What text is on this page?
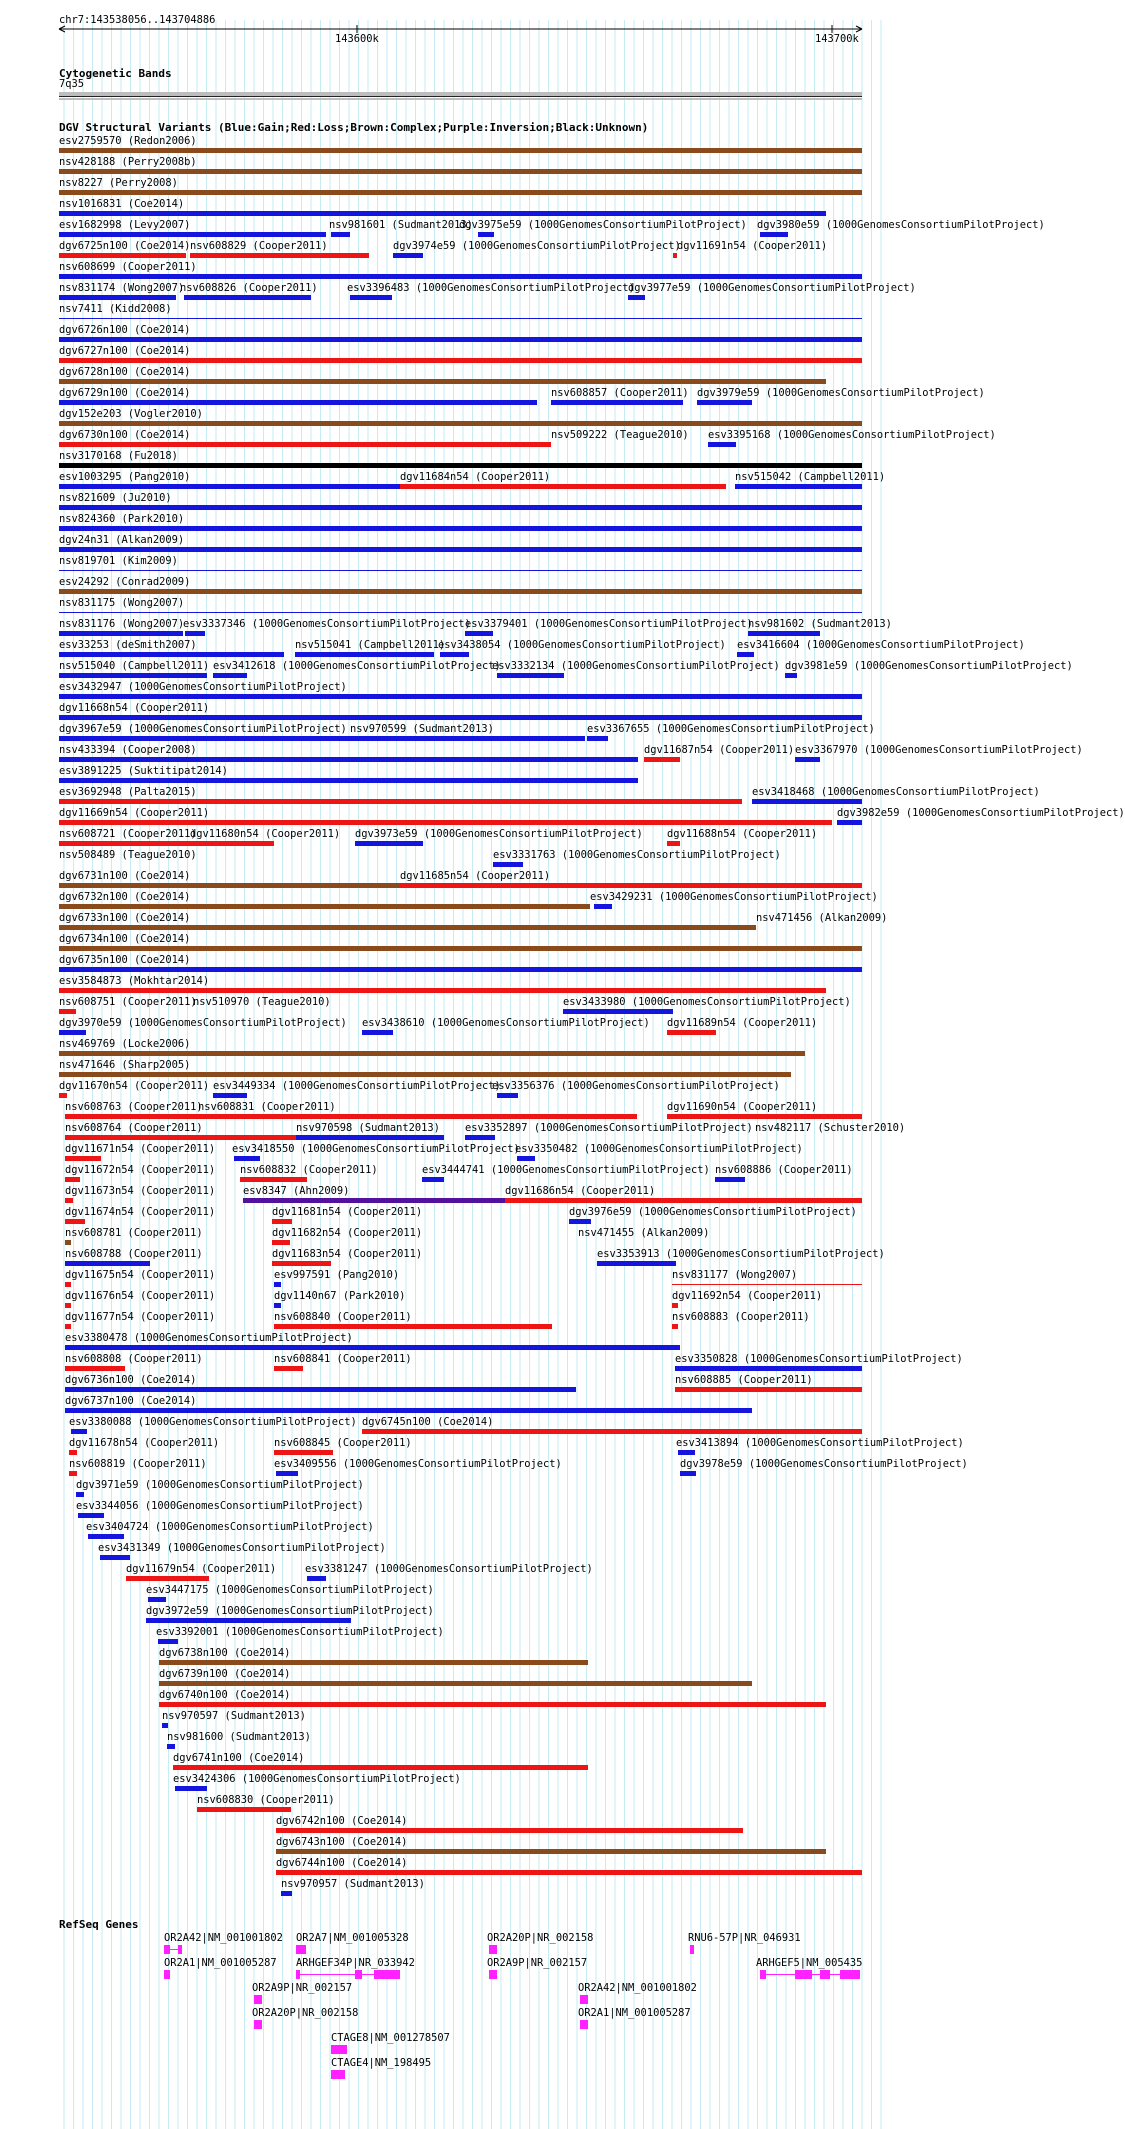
chr7:143538056..143704886
143600k	143700k
Cytogenetic Bands
7q35
DGV Structural Variants (Blue:Gain;Red:Loss;Brown:Complex;Purple:Inversion;Black:Unknown)
RefSeq Genes
esv2759570 (Redon2006)
nsv428188 (Perry2008b)
nsv8227 (Perry2008)
nsv1016831 (Coe2014)
esv1682998 (Levy2007)	nsv981601 (Sudmant2013)
dgv3975e59 (1000GenomesConsortiumPilotProject) dgv3980e59 (1000GenomesConsortiumPilotProject)
dgv6725n100 (Coe2014) nsv608829 (Cooper2011)	dgv3974e59 (1000GenomesConsortiumPilotProject)
dgv11691n54 (Cooper2011)
nsv608699 (Cooper2011)
nsv831174 (Wong2007)
nsv608826 (Cooper2011)	esv3396483 (1000GenomesConsortiumPilotProject)
dgv3977e59 (1000GenomesConsortiumPilotProject)
nsv7411 (Kidd2008)
dgv6726n100 (Coe2014)
dgv6727n100 (Coe2014)
dgv6728n100 (Coe2014)
dgv6729n100 (Coe2014)	nsv608857 (Cooper2011) dgv3979e59 (1000GenomesConsortiumPilotProject)
dgv152e203 (Vogler2010)
dgv6730n100 (Coe2014)	nsv509222 (Teague2010) esv3395168 (1000GenomesConsortiumPilotProject)
nsv3170168 (Fu2018)
esv1003295 (Pang2010)	dgv11684n54 (Cooper2011)	nsv515042 (Campbell2011)
nsv821609 (Ju2010)
nsv824360 (Park2010)
dgv24n31 (Alkan2009)
nsv819701 (Kim2009)
esv24292 (Conrad2009)
nsv831175 (Wong2007)
nsv831176 (Wong2007)
esv3337346 (1000GenomesConsortiumPilotProject)
esv3379401 (1000GenomesConsortiumPilotProject)
nsv981602 (Sudmant2013)
esv33253 (deSmith2007)	nsv515041 (Campbell2011)
esv3438054 (1000GenomesConsortiumPilotProject) esv3416604 (1000GenomesConsortiumPilotProject)
nsv515040 (Campbell2011) esv3412618 (1000GenomesConsortiumPilotProject)
esv3332134 (1000GenomesConsortiumPilotProject) dgv3981e59 (1000GenomesConsortiumPilotProject)
esv3432947 (1000GenomesConsortiumPilotProject)
dgv11668n54 (Cooper2011)
dgv3967e59 (1000GenomesConsortiumPilotProject) nsv970599 (Sudmant2013)	esv3367655 (1000GenomesConsortiumPilotProject)
nsv433394 (Cooper2008)	dgv11687n54 (Cooper2011) esv3367970 (1000GenomesConsortiumPilotProject)
esv3891225 (Suktitipat2014)
esv3692948 (Palta2015)	esv3418468 (1000GenomesConsortiumPilotProject)
dgv11669n54 (Cooper2011)	dgv3982e59 (1000GenomesConsortiumPilotProject)
nsv608721 (Cooper2011)
dgv11680n54 (Cooper2011) dgv3973e59 (1000GenomesConsortiumPilotProject) dgv11688n54 (Cooper2011)
nsv508489 (Teague2010)	esv3331763 (1000GenomesConsortiumPilotProject)
dgv6731n100 (Coe2014)	dgv11685n54 (Cooper2011)
dgv6732n100 (Coe2014)	esv3429231 (1000GenomesConsortiumPilotProject)
dgv6733n100 (Coe2014)	nsv471456 (Alkan2009)
dgv6734n100 (Coe2014)
dgv6735n100 (Coe2014)
esv3584873 (Mokhtar2014)
nsv608751 (Cooper2011)
nsv510970 (Teague2010)	esv3433980 (1000GenomesConsortiumPilotProject)
dgv3970e59 (1000GenomesConsortiumPilotProject) esv3438610 (1000GenomesConsortiumPilotProject) dgv11689n54 (Cooper2011)
nsv469769 (Locke2006)
nsv471646 (Sharp2005)
dgv11670n54 (Cooper2011) esv3449334 (1000GenomesConsortiumPilotProject)
esv3356376 (1000GenomesConsortiumPilotProject)
nsv608763 (Cooper2011)
nsv608831 (Cooper2011)	dgv11690n54 (Cooper2011)
nsv608764 (Cooper2011)	nsv970598 (Sudmant2013) esv3352897 (1000GenomesConsortiumPilotProject) nsv482117 (Schuster2010)
dgv11671n54 (Cooper2011) esv3418550 (1000GenomesConsortiumPilotProject)
esv3350482 (1000GenomesConsortiumPilotProject)
dgv11672n54 (Cooper2011) nsv608832 (Cooper2011)	esv3444741 (1000GenomesConsortiumPilotProject) nsv608886 (Cooper2011)
dgv11673n54 (Cooper2011)	esv8347 (Ahn2009)	dgv11686n54 (Cooper2011)
dgv11674n54 (Cooper2011)	dgv11681n54 (Cooper2011)	dgv3976e59 (1000GenomesConsortiumPilotProject)
nsv608781 (Cooper2011)	dgv11682n54 (Cooper2011)	nsv471455 (Alkan2009)
nsv608788 (Cooper2011)	dgv11683n54 (Cooper2011)	esv3353913 (1000GenomesConsortiumPilotProject)
dgv11675n54 (Cooper2011)	esv997591 (Pang2010)	nsv831177 (Wong2007)
dgv11676n54 (Cooper2011)	dgv1140n67 (Park2010)	dgv11692n54 (Cooper2011)
dgv11677n54 (Cooper2011)	nsv608840 (Cooper2011)	nsv608883 (Cooper2011)
esv3380478 (1000GenomesConsortiumPilotProject)
nsv608808 (Cooper2011)	nsv608841 (Cooper2011)	esv3350828 (1000GenomesConsortiumPilotProject)
dgv6736n100 (Coe2014)	nsv608885 (Cooper2011)
dgv6737n100 (Coe2014)
esv3380088 (1000GenomesConsortiumPilotProject) dgv6745n100 (Coe2014)
dgv11678n54 (Cooper2011)	nsv608845 (Cooper2011)	esv3413894 (1000GenomesConsortiumPilotProject)
nsv608819 (Cooper2011)	esv3409556 (1000GenomesConsortiumPilotProject)	dgv3978e59 (1000GenomesConsortiumPilotProject)
dgv3971e59 (1000GenomesConsortiumPilotProject)
esv3344056 (1000GenomesConsortiumPilotProject)
esv3404724 (1000GenomesConsortiumPilotProject)
esv3431349 (1000GenomesConsortiumPilotProject)
dgv11679n54 (Cooper2011)	esv3381247 (1000GenomesConsortiumPilotProject)
esv3447175 (1000GenomesConsortiumPilotProject)
dgv3972e59 (1000GenomesConsortiumPilotProject)
esv3392001 (1000GenomesConsortiumPilotProject)
dgv6738n100 (Coe2014)
dgv6739n100 (Coe2014)
dgv6740n100 (Coe2014)
nsv970597 (Sudmant2013)
nsv981600 (Sudmant2013)
dgv6741n100 (Coe2014)
esv3424306 (1000GenomesConsortiumPilotProject)
nsv608830 (Cooper2011)
dgv6742n100 (Coe2014)
dgv6743n100 (Coe2014)
dgv6744n100 (Coe2014)
nsv970957 (Sudmant2013)
OR2A42|NM_001001802 OR2A7|NM_001005328	OR2A20P|NR_002158	RNU6-57P|NR_046931
OR2A1|NM_001005287 ARHGEF34P|NR_033942	OR2A9P|NR_002157	ARHGEF5|NM_005435
OR2A9P|NR_002157	OR2A42|NM_001001802
OR2A20P|NR_002158	OR2A1|NM_001005287
CTAGE8|NM_001278507
CTAGE4|NM_198495
